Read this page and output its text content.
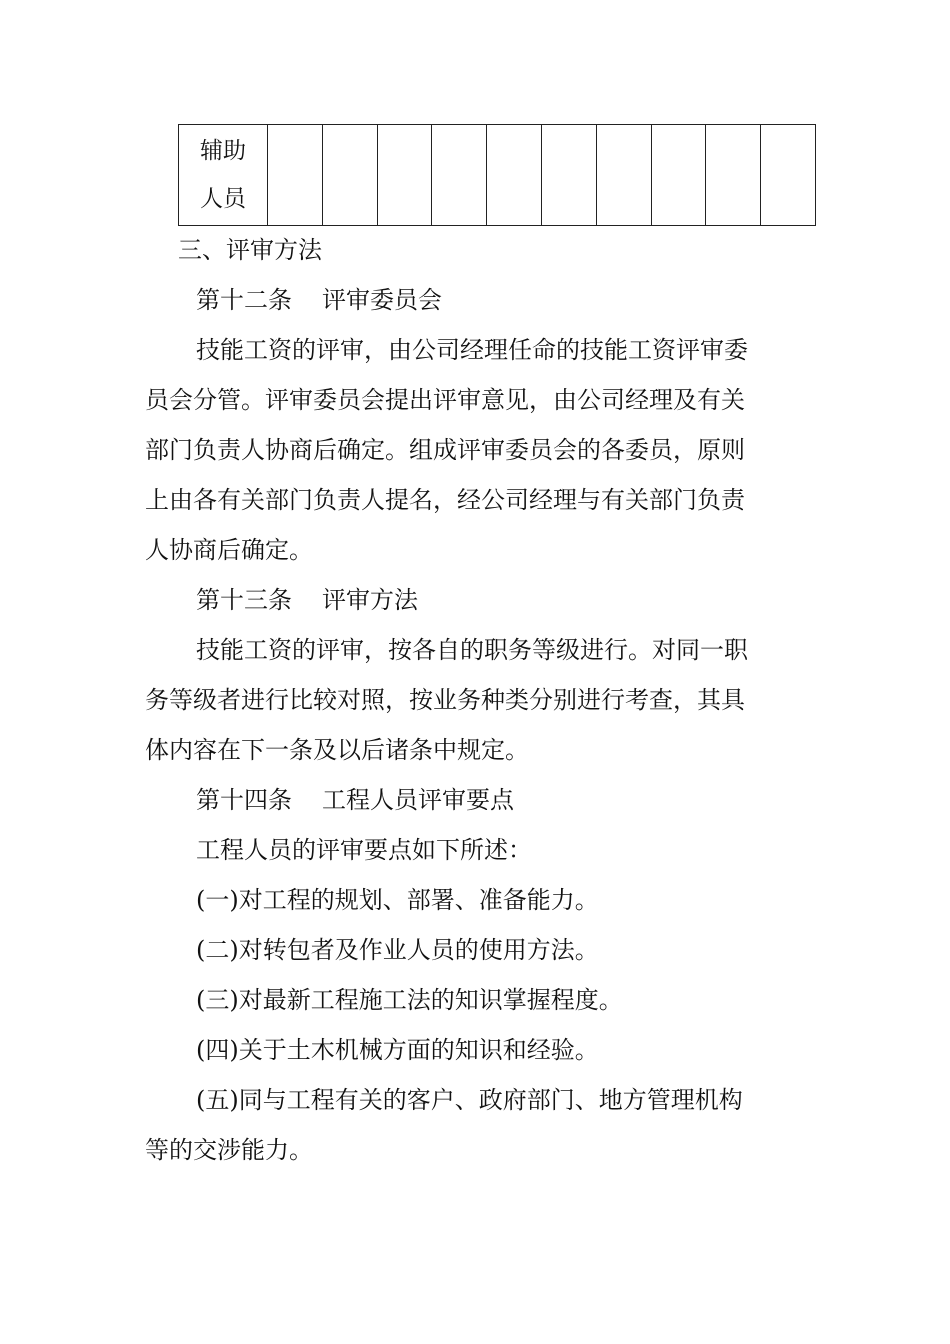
辅助
人员

三、评审方法
第十二条 评审委员会
技能工资的评审，由公司经理任命的技能工资评审委
员会分管。评审委员会提出评审意见，由公司经理及有关
部门负责人协商后确定。组成评审委员会的各委员，原则
上由各有关部门负责人提名，经公司经理与有关部门负责
人协商后确定。
第十三条 评审方法
技能工资的评审，按各自的职务等级进行。对同一职
务等级者进行比较对照，按业务种类分别进行考查，其具
体内容在下一条及以后诸条中规定。
第十四条 工程人员评审要点
工程人员的评审要点如下所述：
(一)对工程的规划、部署、准备能力。
(二)对转包者及作业人员的使用方法。
(三)对最新工程施工法的知识掌握程度。
(四)关于土木机械方面的知识和经验。
(五)同与工程有关的客户、政府部门、地方管理机构
等的交涉能力。
